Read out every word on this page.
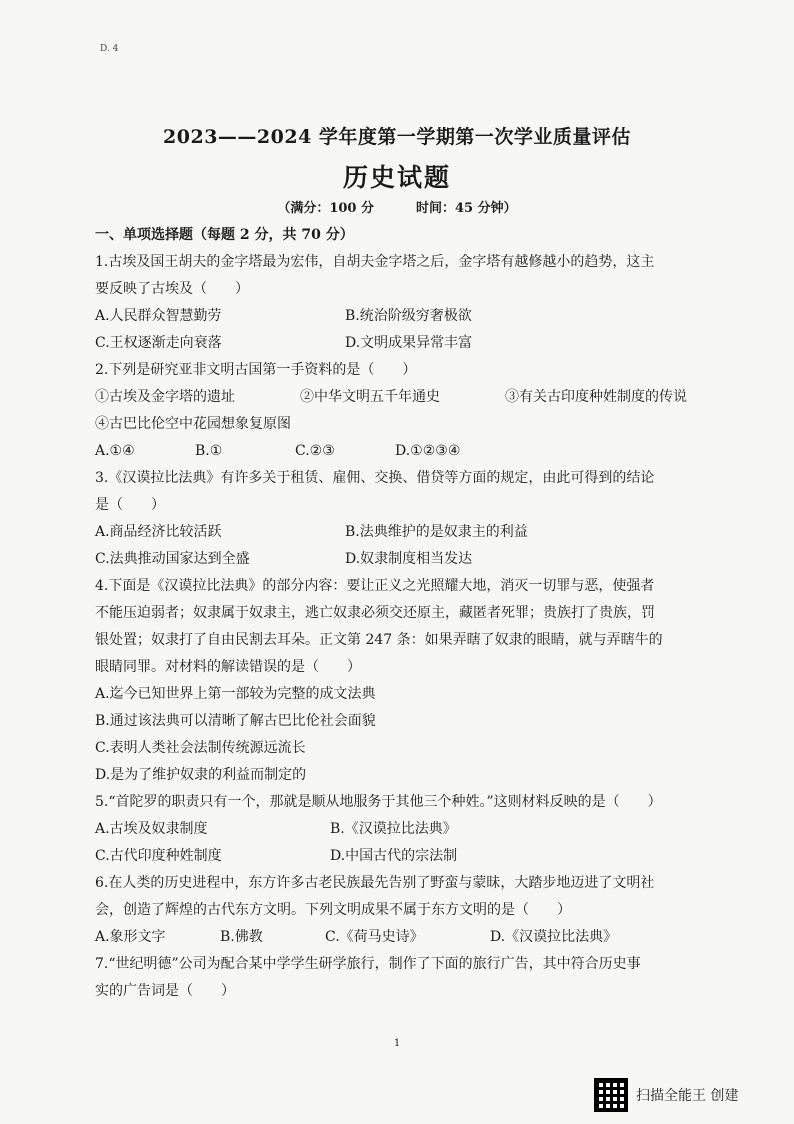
D. 4
2023——2024 学年度第一学期第一次学业质量评估
历史试题
（满分：100 分	时间：45 分钟）
一、单项选择题（每题 2 分，共 70 分）
1.古埃及国王胡夫的金字塔最为宏伟，自胡夫金字塔之后，金字塔有越修越小的趋势，这主
要反映了古埃及（　　）
A.人民群众智慧勤劳	B.统治阶级穷奢极欲
C.王权逐渐走向衰落	D.文明成果异常丰富
2.下列是研究亚非文明古国第一手资料的是（　　）
①古埃及金字塔的遗址	②中华文明五千年通史	③有关古印度种姓制度的传说
④古巴比伦空中花园想象复原图
A.①④	B.①	C.②③	D.①②③④
3.《汉谟拉比法典》有许多关于租赁、雇佣、交换、借贷等方面的规定，由此可得到的结论
是（　　）
A.商品经济比较活跃	B.法典维护的是奴隶主的利益
C.法典推动国家达到全盛	D.奴隶制度相当发达
4.下面是《汉谟拉比法典》的部分内容：要让正义之光照耀大地，消灭一切罪与恶，使强者
不能压迫弱者；奴隶属于奴隶主，逃亡奴隶必须交还原主，藏匿者死罪；贵族打了贵族，罚
银处置；奴隶打了自由民割去耳朵。正文第 247 条：如果弄瞎了奴隶的眼睛，就与弄瞎牛的
眼睛同罪。对材料的解读错误的是（　　）
A.迄今已知世界上第一部较为完整的成文法典
B.通过该法典可以清晰了解古巴比伦社会面貌
C.表明人类社会法制传统源远流长
D.是为了维护奴隶的利益而制定的
5.“首陀罗的职责只有一个，那就是顺从地服务于其他三个种姓。”这则材料反映的是（　　）
A.古埃及奴隶制度	B.《汉谟拉比法典》
C.古代印度种姓制度	D.中国古代的宗法制
6.在人类的历史进程中，东方许多古老民族最先告别了野蛮与蒙昧，大踏步地迈进了文明社
会，创造了辉煌的古代东方文明。下列文明成果不属于东方文明的是（　　）
A.象形文字	B.佛教	C.《荷马史诗》	D.《汉谟拉比法典》
7.“世纪明德”公司为配合某中学学生研学旅行，制作了下面的旅行广告，其中符合历史事
实的广告词是（　　）
1
扫描全能王 创建
